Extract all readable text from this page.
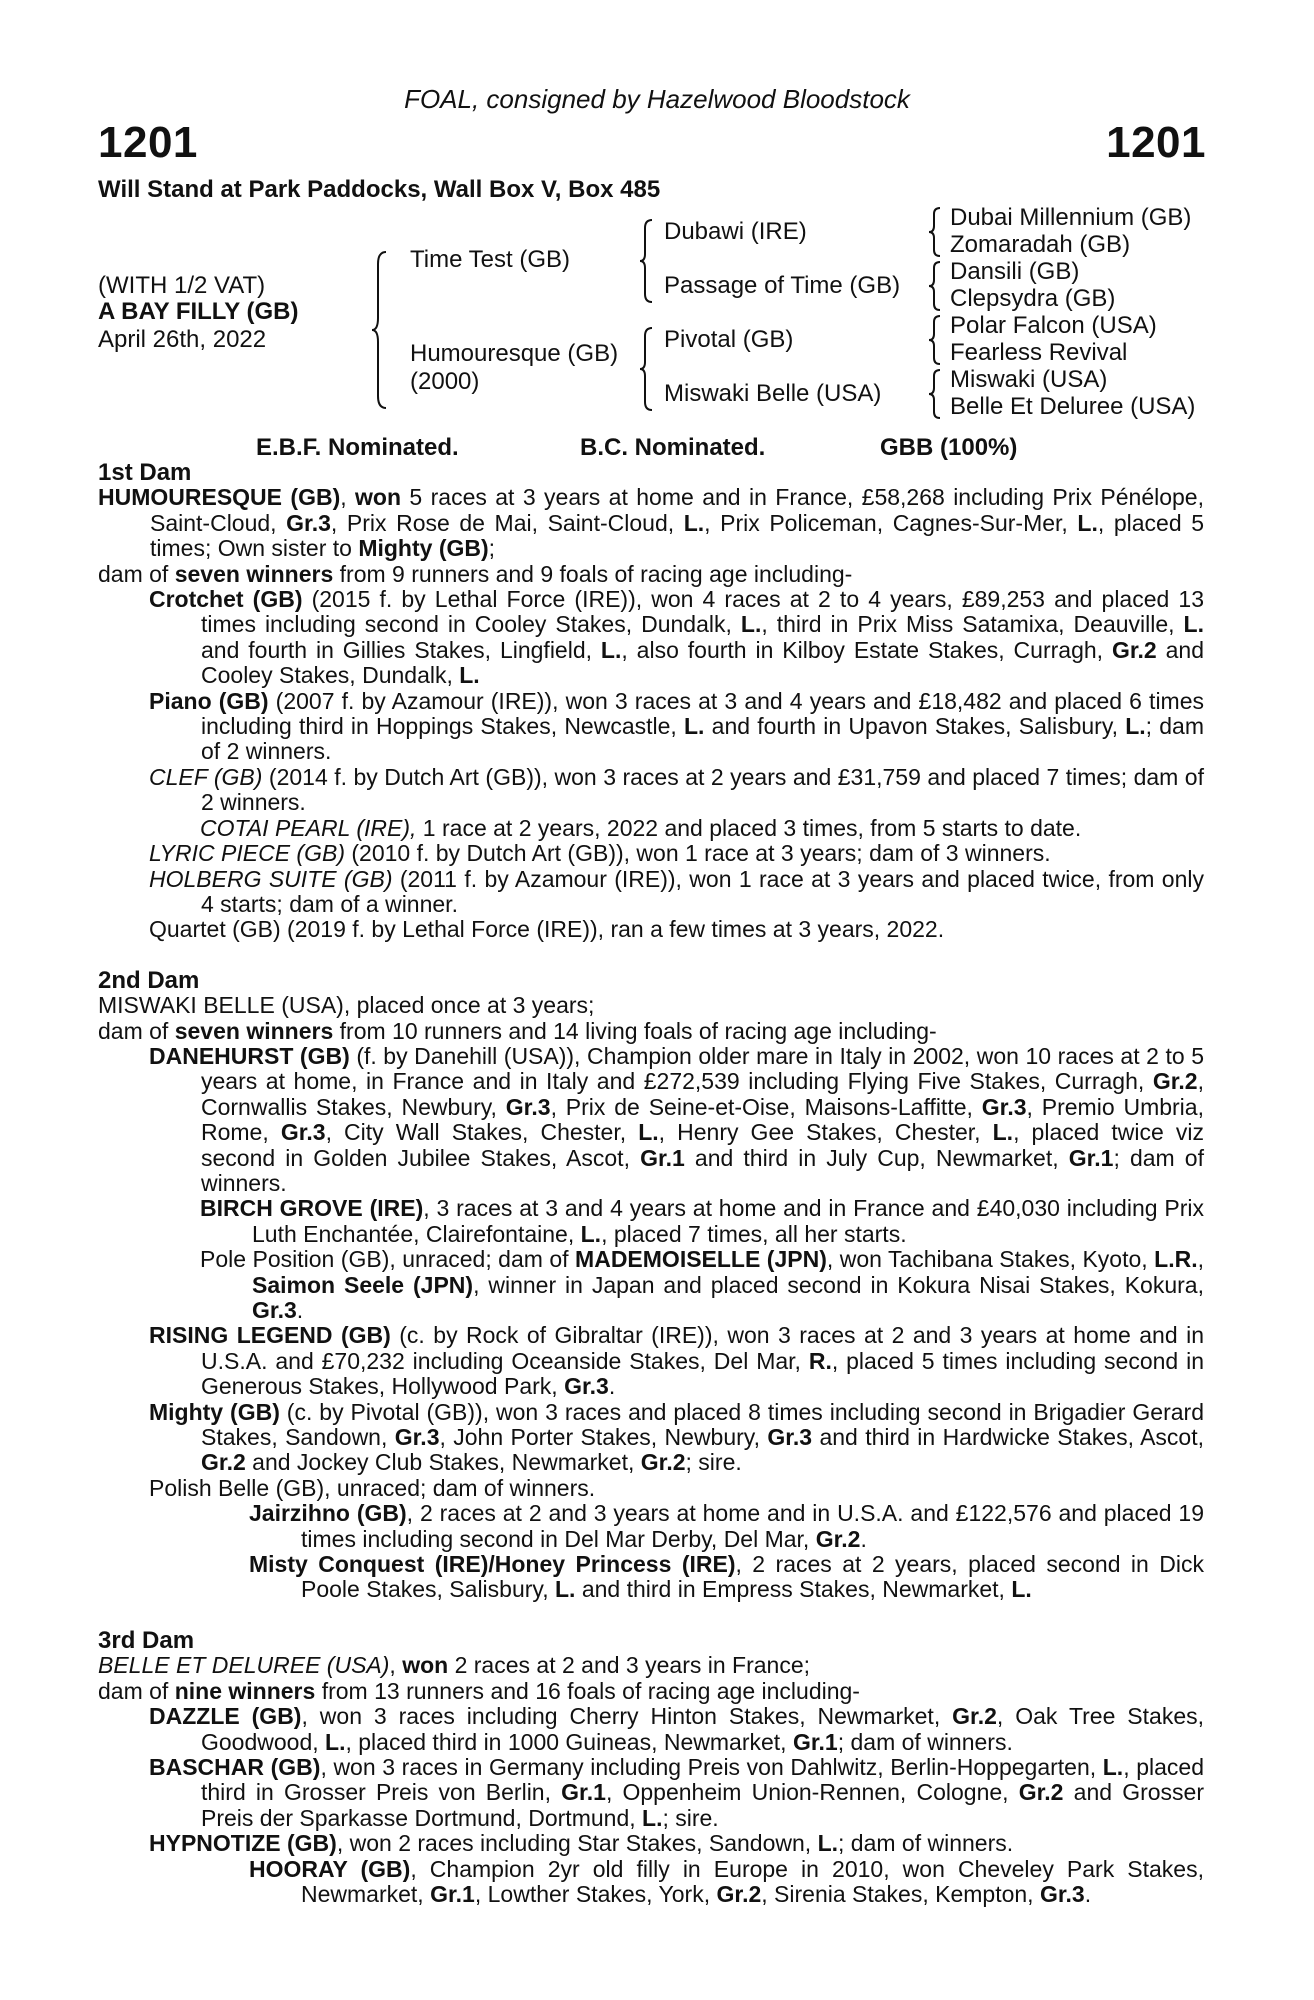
FOAL, consigned by Hazelwood Bloodstock
1201	1201
Will Stand at Park Paddocks, Wall Box V, Box 485
(WITH 1/2 VAT)
A BAY FILLY (GB)
April 26th, 2022
Time Test (GB)
Humouresque (GB)
(2000)
Dubawi (IRE)
Passage of Time (GB)
Pivotal (GB)
Miswaki Belle (USA)
Dubai Millennium (GB)
Zomaradah (GB)
Dansili (GB)
Clepsydra (GB)
Polar Falcon (USA)
Fearless Revival
Miswaki (USA)
Belle Et Deluree (USA)
E.B.F. Nominated.	B.C. Nominated.	GBB (100%)

1st Dam

HUMOURESQUE (GB), won 5 races at 3 years at home and in France, £58,268 including Prix Pénélope, Saint-Cloud, Gr.3, Prix Rose de Mai, Saint-Cloud, L., Prix Policeman, Cagnes-Sur-Mer, L., placed 5 times; Own sister to Mighty (GB);

dam of seven winners from 9 runners and 9 foals of racing age including-

Crotchet (GB) (2015 f. by Lethal Force (IRE)), won 4 races at 2 to 4 years, £89,253 and placed 13 times including second in Cooley Stakes, Dundalk, L., third in Prix Miss Satamixa, Deauville, L. and fourth in Gillies Stakes, Lingfield, L., also fourth in Kilboy Estate Stakes, Curragh, Gr.2 and Cooley Stakes, Dundalk, L.

Piano (GB) (2007 f. by Azamour (IRE)), won 3 races at 3 and 4 years and £18,482 and placed 6 times including third in Hoppings Stakes, Newcastle, L. and fourth in Upavon Stakes, Salisbury, L.; dam of 2 winners.

CLEF (GB) (2014 f. by Dutch Art (GB)), won 3 races at 2 years and £31,759 and placed 7 times; dam of 2 winners.

COTAI PEARL (IRE), 1 race at 2 years, 2022 and placed 3 times, from 5 starts to date.

LYRIC PIECE (GB) (2010 f. by Dutch Art (GB)), won 1 race at 3 years; dam of 3 winners.

HOLBERG SUITE (GB) (2011 f. by Azamour (IRE)), won 1 race at 3 years and placed twice, from only 4 starts; dam of a winner.

Quartet (GB) (2019 f. by Lethal Force (IRE)), ran a few times at 3 years, 2022.

2nd Dam

MISWAKI BELLE (USA), placed once at 3 years;

dam of seven winners from 10 runners and 14 living foals of racing age including-

DANEHURST (GB) (f. by Danehill (USA)), Champion older mare in Italy in 2002, won 10 races at 2 to 5 years at home, in France and in Italy and £272,539 including Flying Five Stakes, Curragh, Gr.2, Cornwallis Stakes, Newbury, Gr.3, Prix de Seine-et-Oise, Maisons-Laffitte, Gr.3, Premio Umbria, Rome, Gr.3, City Wall Stakes, Chester, L., Henry Gee Stakes, Chester, L., placed twice viz second in Golden Jubilee Stakes, Ascot, Gr.1 and third in July Cup, Newmarket, Gr.1; dam of winners.

BIRCH GROVE (IRE), 3 races at 3 and 4 years at home and in France and £40,030 including Prix Luth Enchantée, Clairefontaine, L., placed 7 times, all her starts.

Pole Position (GB), unraced; dam of MADEMOISELLE (JPN), won Tachibana Stakes, Kyoto, L.R., Saimon Seele (JPN), winner in Japan and placed second in Kokura Nisai Stakes, Kokura, Gr.3.

RISING LEGEND (GB) (c. by Rock of Gibraltar (IRE)), won 3 races at 2 and 3 years at home and in U.S.A. and £70,232 including Oceanside Stakes, Del Mar, R., placed 5 times including second in Generous Stakes, Hollywood Park, Gr.3.

Mighty (GB) (c. by Pivotal (GB)), won 3 races and placed 8 times including second in Brigadier Gerard Stakes, Sandown, Gr.3, John Porter Stakes, Newbury, Gr.3 and third in Hardwicke Stakes, Ascot, Gr.2 and Jockey Club Stakes, Newmarket, Gr.2; sire.

Polish Belle (GB), unraced; dam of winners.

Jairzihno (GB), 2 races at 2 and 3 years at home and in U.S.A. and £122,576 and placed 19 times including second in Del Mar Derby, Del Mar, Gr.2.

Misty Conquest (IRE)/Honey Princess (IRE), 2 races at 2 years, placed second in Dick Poole Stakes, Salisbury, L. and third in Empress Stakes, Newmarket, L.

3rd Dam

BELLE ET DELUREE (USA), won 2 races at 2 and 3 years in France;

dam of nine winners from 13 runners and 16 foals of racing age including-

DAZZLE (GB), won 3 races including Cherry Hinton Stakes, Newmarket, Gr.2, Oak Tree Stakes, Goodwood, L., placed third in 1000 Guineas, Newmarket, Gr.1; dam of winners.

BASCHAR (GB), won 3 races in Germany including Preis von Dahlwitz, Berlin-Hoppegarten, L., placed third in Grosser Preis von Berlin, Gr.1, Oppenheim Union-Rennen, Cologne, Gr.2 and Grosser Preis der Sparkasse Dortmund, Dortmund, L.; sire.

HYPNOTIZE (GB), won 2 races including Star Stakes, Sandown, L.; dam of winners.

HOORAY (GB), Champion 2yr old filly in Europe in 2010, won Cheveley Park Stakes, Newmarket, Gr.1, Lowther Stakes, York, Gr.2, Sirenia Stakes, Kempton, Gr.3.
